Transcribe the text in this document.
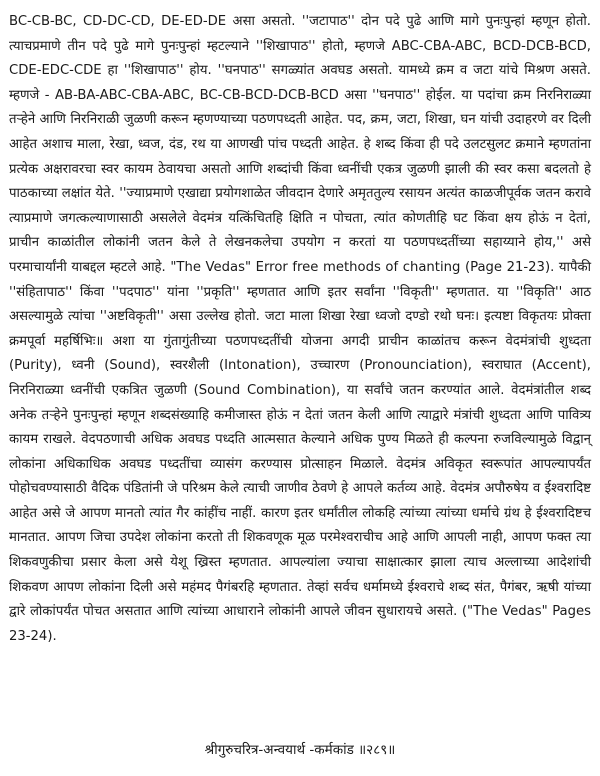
BC-CB-BC, CD-DC-CD, DE-ED-DE असा असतो. ''जटापाठ'' दोन पदे पुढे आणि मागे पुनःपुन्हां म्हणून होतो. त्याचप्रमाणे तीन पदे पुढे मागे पुनःपुन्हां म्हटल्याने ''शिखापाठ'' होतो, म्हणजे ABC-CBA-ABC, BCD-DCB-BCD, CDE-EDC-CDE हा ''शिखापाठ'' होय. ''घनपाठ'' सगळ्यांत अवघड असतो. यामध्ये क्रम व जटा यांचे मिश्रण असते. म्हणजे - AB-BA-ABC-CBA-ABC, BC-CB-BCD-DCB-BCD असा ''घनपाठ'' होईल. या पदांचा क्रम निरनिराळ्या तऱ्हेने आणि निरनिराळी जुळणी करून म्हणण्याच्या पठणपध्दती आहेत. पद, क्रम, जटा, शिखा, घन यांची उदाहरणे वर दिली आहेत अशाच माला, रेखा, ध्वज, दंड, रथ या आणखी पांच पध्दती आहेत. हे शब्द किंवा ही पदे उलटसुलट क्रमाने म्हणतांना प्रत्येक अक्षरावरचा स्वर कायम ठेवायचा असतो आणि शब्दांची किंवा ध्वनींची एकत्र जुळणी झाली की स्वर कसा बदलतो हे पाठकाच्या लक्षांत येते. ''ज्याप्रमाणे एखाद्या प्रयोगशाळेत जीवदान देणारे अमृततुल्य रसायन अत्यंत काळजीपूर्वक जतन करावे त्याप्रमाणे जगत्कल्याणासाठी असलेले वेदमंत्र यत्किंचितहि क्षिति न पोचता, त्यांत कोणतीहि घट किंवा क्षय होऊं न देतां, प्राचीन काळांतील लोकांनी जतन केले ते लेखनकलेचा उपयोग न करतां या पठणपध्दतींच्या सहाय्याने होय,'' असे परमाचार्यांनी याबद्दल म्हटले आहे. "The Vedas" Error free methods of chanting (Page 21-23). यापैकी ''संहितापाठ'' किंवा ''पदपाठ'' यांना ''प्रकृति'' म्हणतात आणि इतर सर्वांना ''विकृती'' म्हणतात. या ''विकृति'' आठ असल्यामुळे त्यांचा ''अष्टविकृती'' असा उल्लेख होतो. जटा माला शिखा रेखा ध्वजो दण्डो रथो घनः। इत्यष्टा विकृतयः प्रोक्ता क्रमपूर्वा महर्षिभिः॥ अशा या गुंतागुंतीच्या पठणपध्दतींची योजना अगदी प्राचीन काळांतच करून वेदमंत्रांची शुध्दता (Purity), ध्वनी (Sound), स्वरशैली (Intonation), उच्चारण (Pronounciation), स्वराघात (Accent), निरनिराळ्या ध्वनींची एकत्रित जुळणी (Sound Combination), या सर्वांचे जतन करण्यांत आले. वेदमंत्रांतील शब्द अनेक तऱ्हेने पुनःपुन्हां म्हणून शब्दसंख्याहि कमीजास्त होऊं न देतां जतन केली आणि त्याद्वारे मंत्रांची शुध्दता आणि पावित्र्य कायम राखले. वेदपठणाची अधिक अवघड पध्दति आत्मसात केल्याने अधिक पुण्य मिळते ही कल्पना रुजविल्यामुळे विद्वान् लोकांना अधिकाधिक अवघड पध्दतींचा व्यासंग करण्यास प्रोत्साहन मिळाले. वेदमंत्र अविकृत स्वरूपांत आपल्यापर्यंत पोहोचवण्यासाठी वैदिक पंडितांनी जे परिश्रम केले त्याची जाणीव ठेवणे हे आपले कर्तव्य आहे. वेदमंत्र अपौरुषेय व ईश्वरादिष्ट आहेत असे जे आपण मानतो त्यांत गैर कांहींच नाहीं. कारण इतर धर्मांतील लोकहि त्यांच्या त्यांच्या धर्माचे ग्रंथ हे ईश्वरादिष्टच मानतात. आपण जिचा उपदेश लोकांना करतो ती शिकवणूक मूळ परमेश्वराचीच आहे आणि आपली नाही, आपण फक्त त्या शिकवणुकीचा प्रसार केला असे येशू ख्रिस्त म्हणतात. आपल्यांला ज्याचा साक्षात्कार झाला त्याच अल्लाच्या आदेशांची शिकवण आपण लोकांना दिली असे महंमद पैगंबरहि म्हणतात. तेव्हां सर्वच धर्मामध्ये ईश्वराचे शब्द संत, पैगंबर, ऋषी यांच्या द्वारे लोकांपर्यंत पोचत असतात आणि त्यांच्या आधाराने लोकांनी आपले जीवन सुधारायचे असते. ("The Vedas" Pages 23-24).

श्रीगुरुचरित्र-अन्वयार्थ -कर्मकांड ॥२८९॥
